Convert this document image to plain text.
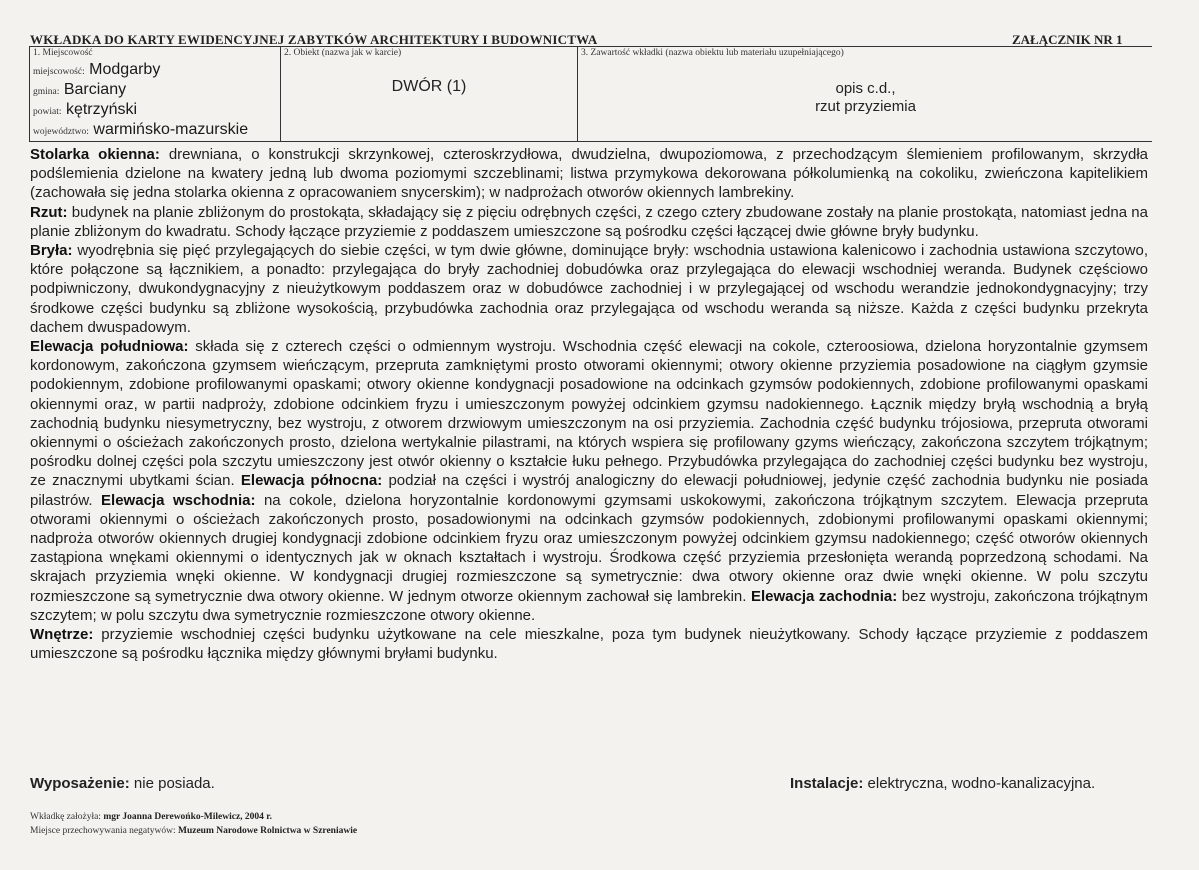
WKŁADKA DO KARTY EWIDENCYJNEJ ZABYTKÓW ARCHITEKTURY I BUDOWNICTWA	ZAŁĄCZNIK NR 1
1. Miejscowość
miejscowość: Modgarby
gmina: Barciany
powiat: kętrzyński
województwo: warmińsko-mazurskie
2. Obiekt (nazwa jak w karcie)
DWÓR (1)
3. Zawartość wkładki (nazwa obiektu lub materiału uzupełniającego)
opis c.d.,
rzut przyziemia

Stolarka okienna: drewniana, o konstrukcji skrzynkowej, czteroskrzydłowa, dwudzielna, dwupoziomowa, z przechodzącym ślemieniem profilowanym, skrzydła podślemienia dzielone na kwatery jedną lub dwoma poziomymi szczeblinami; listwa przymykowa dekorowana półkolumienką na cokoliku, zwieńczona kapitelikiem (zachowała się jedna stolarka okienna z opracowaniem snycerskim); w nadprożach otworów okiennych lambrekiny.

Rzut: budynek na planie zbliżonym do prostokąta, składający się z pięciu odrębnych części, z czego cztery zbudowane zostały na planie prostokąta, natomiast jedna na planie zbliżonym do kwadratu. Schody łączące przyziemie z poddaszem umieszczone są pośrodku części łączącej dwie główne bryły budynku.

Bryła: wyodrębnia się pięć przylegających do siebie części, w tym dwie główne, dominujące bryły: wschodnia ustawiona kalenicowo i zachodnia ustawiona szczytowo, które połączone są łącznikiem, a ponadto: przylegająca do bryły zachodniej dobudówka oraz przylegająca do elewacji wschodniej weranda. Budynek częściowo podpiwniczony, dwukondygnacyjny z nieużytkowym poddaszem oraz w dobudówce zachodniej i w przylegającej od wschodu werandzie jednokondygnacyjny; trzy środkowe części budynku są zbliżone wysokością, przybudówka zachodnia oraz przylegająca od wschodu weranda są niższe. Każda z części budynku przekryta dachem dwuspadowym.

Elewacja południowa: składa się z czterech części o odmiennym wystroju. Wschodnia część elewacji na cokole, czteroosiowa, dzielona horyzontalnie gzymsem kordonowym, zakończona gzymsem wieńczącym, przepruta zamkniętymi prosto otworami okiennymi; otwory okienne przyziemia posadowione na ciągłym gzymsie podokiennym, zdobione profilowanymi opaskami; otwory okienne kondygnacji posadowione na odcinkach gzymsów podokiennych, zdobione profilowanymi opaskami okiennymi oraz, w partii nadproży, zdobione odcinkiem fryzu i umieszczonym powyżej odcinkiem gzymsu nadokiennego. Łącznik między bryłą wschodnią a bryłą zachodnią budynku niesymetryczny, bez wystroju, z otworem drzwiowym umieszczonym na osi przyziemia. Zachodnia część budynku trójosiowa, przepruta otworami okiennymi o ościeżach zakończonych prosto, dzielona wertykalnie pilastrami, na których wspiera się profilowany gzyms wieńczący, zakończona szczytem trójkątnym; pośrodku dolnej części pola szczytu umieszczony jest otwór okienny o kształcie łuku pełnego. Przybudówka przylegająca do zachodniej części budynku bez wystroju, ze znacznymi ubytkami ścian. Elewacja północna: podział na części i wystrój analogiczny do elewacji południowej, jedynie część zachodnia budynku nie posiada pilastrów. Elewacja wschodnia: na cokole, dzielona horyzontalnie kordonowymi gzymsami uskokowymi, zakończona trójkątnym szczytem. Elewacja przepruta otworami okiennymi o ościeżach zakończonych prosto, posadowionymi na odcinkach gzymsów podokiennych, zdobionymi profilowanymi opaskami okiennymi; nadproża otworów okiennych drugiej kondygnacji zdobione odcinkiem fryzu oraz umieszczonym powyżej odcinkiem gzymsu nadokiennego; część otworów okiennych zastąpiona wnękami okiennymi o identycznych jak w oknach kształtach i wystroju. Środkowa część przyziemia przesłonięta werandą poprzedzoną schodami. Na skrajach przyziemia wnęki okienne. W kondygnacji drugiej rozmieszczone są symetrycznie: dwa otwory okienne oraz dwie wnęki okienne. W polu szczytu rozmieszczone są symetrycznie dwa otwory okienne. W jednym otworze okiennym zachował się lambrekin. Elewacja zachodnia: bez wystroju, zakończona trójkątnym szczytem; w polu szczytu dwa symetrycznie rozmieszczone otwory okienne.

Wnętrze: przyziemie wschodniej części budynku użytkowane na cele mieszkalne, poza tym budynek nieużytkowany. Schody łączące przyziemie z poddaszem umieszczone są pośrodku łącznika między głównymi bryłami budynku.

Wyposażenie: nie posiada.	Instalacje: elektryczna, wodno-kanalizacyjna.
Wkładkę założyła: mgr Joanna Derewońko-Milewicz, 2004 r.
Miejsce przechowywania negatywów: Muzeum Narodowe Rolnictwa w Szreniawie
